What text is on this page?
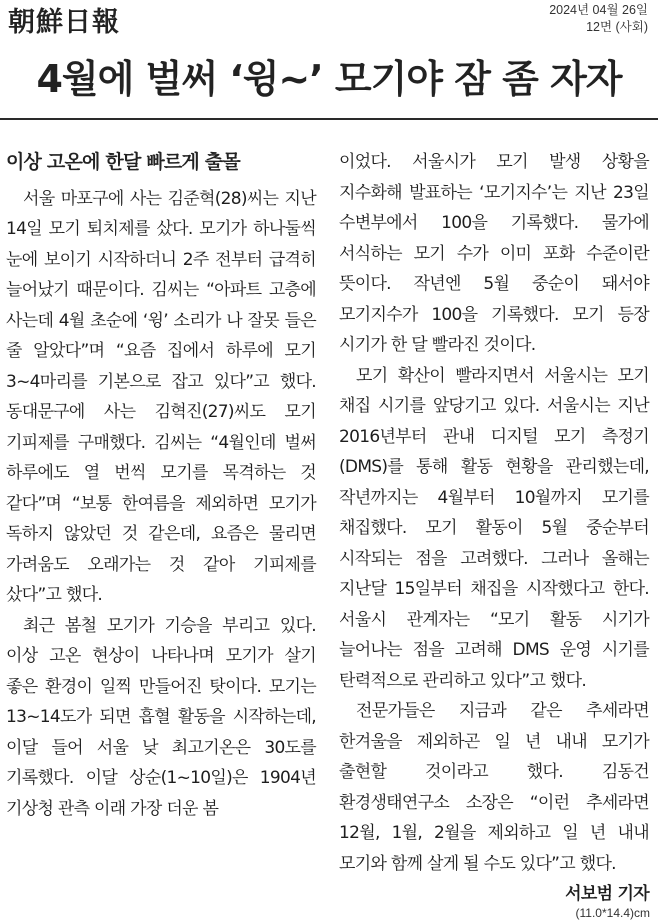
朝鮮日報	2024년 04월 26일
12면 (사회)
4월에 벌써 ‘윙~’ 모기야 잠 좀 자자
이상 고온에 한달 빠르게 출몰

서울 마포구에 사는 김준혁(28)씨는 지난 14일 모기 퇴치제를 샀다. 모기가 하나둘씩 눈에 보이기 시작하더니 2주 전부터 급격히 늘어났기 때문이다. 김씨는 “아파트 고층에 사는데 4월 초순에 ‘윙’ 소리가 나 잘못 들은 줄 알았다”며 “요즘 집에서 하루에 모기 3~4마리를 기본으로 잡고 있다”고 했다. 동대문구에 사는 김혁진(27)씨도 모기 기피제를 구매했다. 김씨는 “4월인데 벌써 하루에도 열 번씩 모기를 목격하는 것 같다”며 “보통 한여름을 제외하면 모기가 독하지 않았던 것 같은데, 요즘은 물리면 가려움도 오래가는 것 같아 기피제를 샀다”고 했다.

최근 봄철 모기가 기승을 부리고 있다. 이상 고온 현상이 나타나며 모기가 살기 좋은 환경이 일찍 만들어진 탓이다. 모기는 13~14도가 되면 흡혈 활동을 시작하는데, 이달 들어 서울 낮 최고기온은 30도를 기록했다. 이달 상순(1~10일)은 1904년 기상청 관측 이래 가장 더운 봄

이었다. 서울시가 모기 발생 상황을 지수화해 발표하는 ‘모기지수’는 지난 23일 수변부에서 100을 기록했다. 물가에 서식하는 모기 수가 이미 포화 수준이란 뜻이다. 작년엔 5월 중순이 돼서야 모기지수가 100을 기록했다. 모기 등장 시기가 한 달 빨라진 것이다.

모기 확산이 빨라지면서 서울시는 모기 채집 시기를 앞당기고 있다. 서울시는 지난 2016년부터 관내 디지털 모기 측정기(DMS)를 통해 활동 현황을 관리했는데, 작년까지는 4월부터 10월까지 모기를 채집했다. 모기 활동이 5월 중순부터 시작되는 점을 고려했다. 그러나 올해는 지난달 15일부터 채집을 시작했다고 한다. 서울시 관계자는 “모기 활동 시기가 늘어나는 점을 고려해 DMS 운영 시기를 탄력적으로 관리하고 있다”고 했다.

전문가들은 지금과 같은 추세라면 한겨울을 제외하곤 일 년 내내 모기가 출현할 것이라고 했다. 김동건 환경생태연구소 소장은 “이런 추세라면 12월, 1월, 2월을 제외하고 일 년 내내 모기와 함께 살게 될 수도 있다”고 했다.
서보범 기자

(11.0*14.4)cm
